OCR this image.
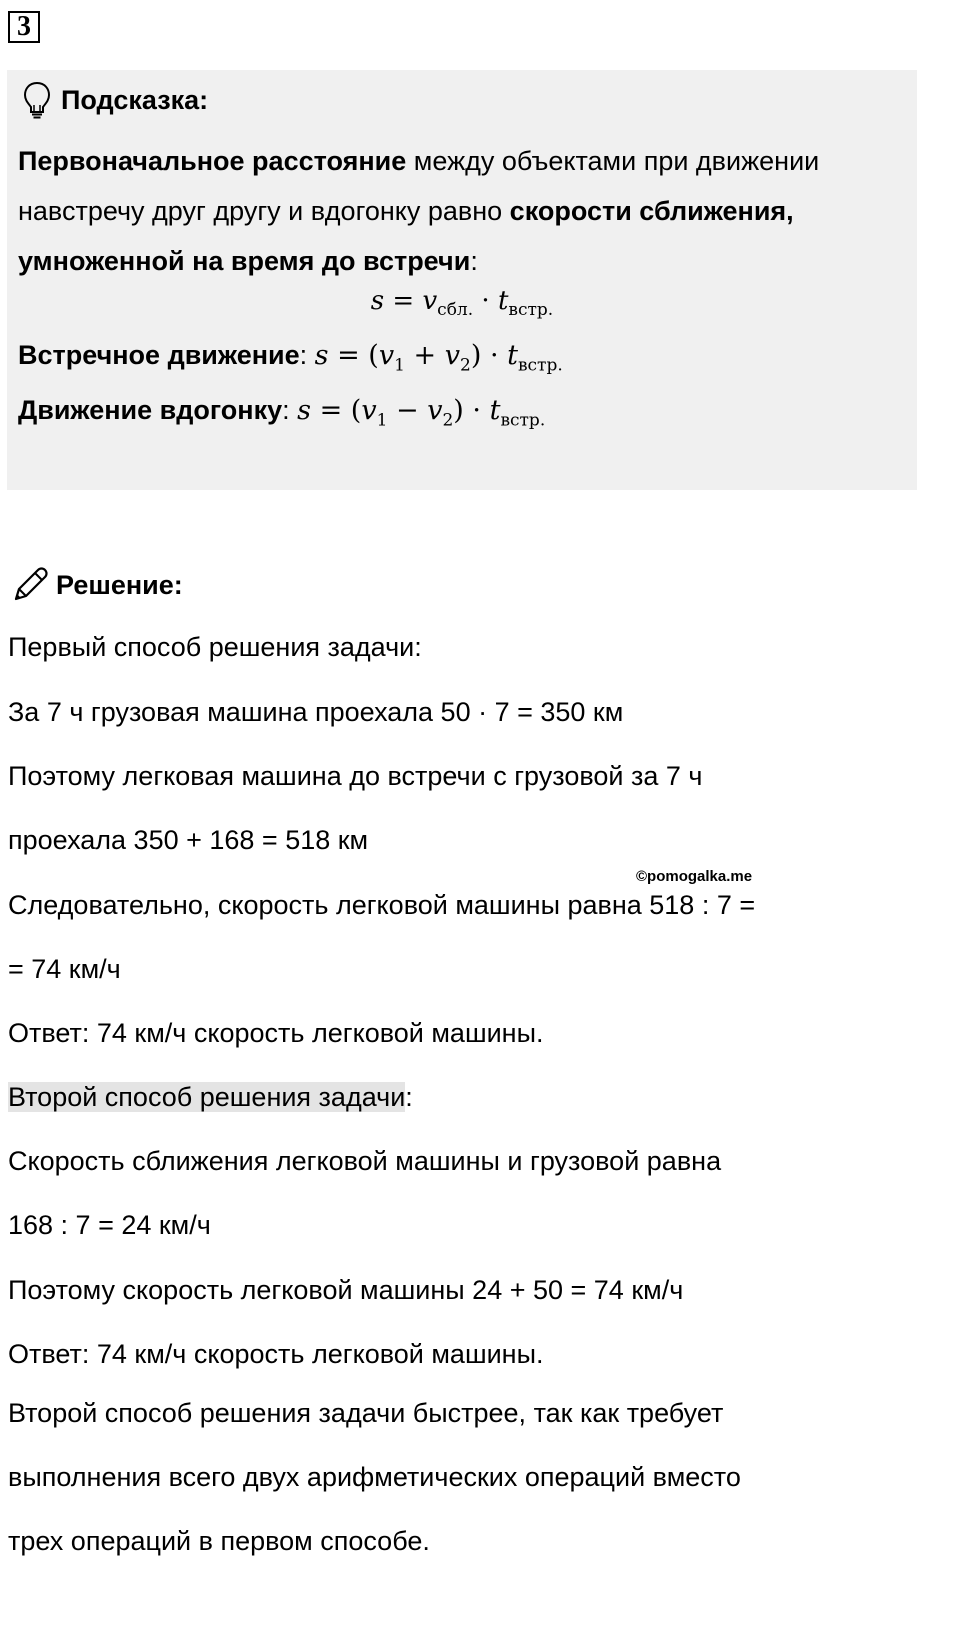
3
Подсказка:
Первоначальное расстояние между объектами при движении навстречу друг другу и вдогонку равно скорости сближения, умноженной на время до встречи:
$s = v_{сбл.} \cdot t_{встр.}$
Встречное движение: $s = (v_1 + v_2) \cdot t_{встр.}$
Движение вдогонку: $s = (v_1 - v_2) \cdot t_{встр.}$
Решение:
Первый способ решения задачи:
За 7 ч грузовая машина проехала 50 · 7 = 350 км
Поэтому легковая машина до встречи с грузовой за 7 ч
проехала 350 + 168 = 518 км
©pomogalka.me
Следовательно, скорость легковой машины равна 518 : 7 =
= 74 км/ч
Ответ: 74 км/ч скорость легковой машины.
Второй способ решения задачи:
Скорость сближения легковой машины и грузовой равна
168 : 7 = 24 км/ч
Поэтому скорость легковой машины 24 + 50 = 74 км/ч
Ответ: 74 км/ч скорость легковой машины.
Второй способ решения задачи быстрее, так как требует
выполнения всего двух арифметических операций вместо
трех операций в первом способе.
